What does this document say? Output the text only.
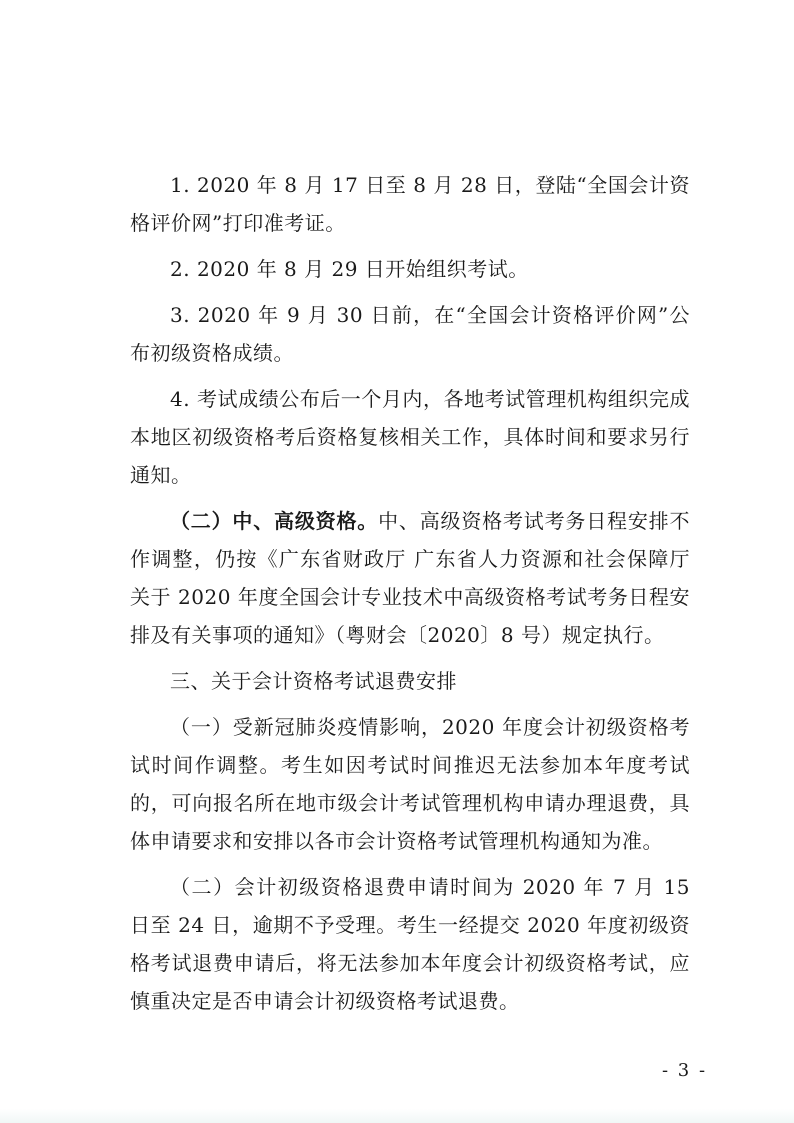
1. 2020 年 8 月 17 日至 8 月 28 日，登陆“全国会计资格评价网”打印准考证。

2. 2020 年 8 月 29 日开始组织考试。

3. 2020 年 9 月 30 日前，在“全国会计资格评价网”公布初级资格成绩。

4. 考试成绩公布后一个月内，各地考试管理机构组织完成本地区初级资格考后资格复核相关工作，具体时间和要求另行通知。

（二）中、高级资格。中、高级资格考试考务日程安排不作调整，仍按《广东省财政厅 广东省人力资源和社会保障厅关于 2020 年度全国会计专业技术中高级资格考试考务日程安排及有关事项的通知》（粤财会〔2020〕8 号）规定执行。

三、关于会计资格考试退费安排

（一）受新冠肺炎疫情影响，2020 年度会计初级资格考试时间作调整。考生如因考试时间推迟无法参加本年度考试的，可向报名所在地市级会计考试管理机构申请办理退费，具体申请要求和安排以各市会计资格考试管理机构通知为准。

（二）会计初级资格退费申请时间为 2020 年 7 月 15 日至 24 日，逾期不予受理。考生一经提交 2020 年度初级资格考试退费申请后，将无法参加本年度会计初级资格考试，应慎重决定是否申请会计初级资格考试退费。

- 3 -
